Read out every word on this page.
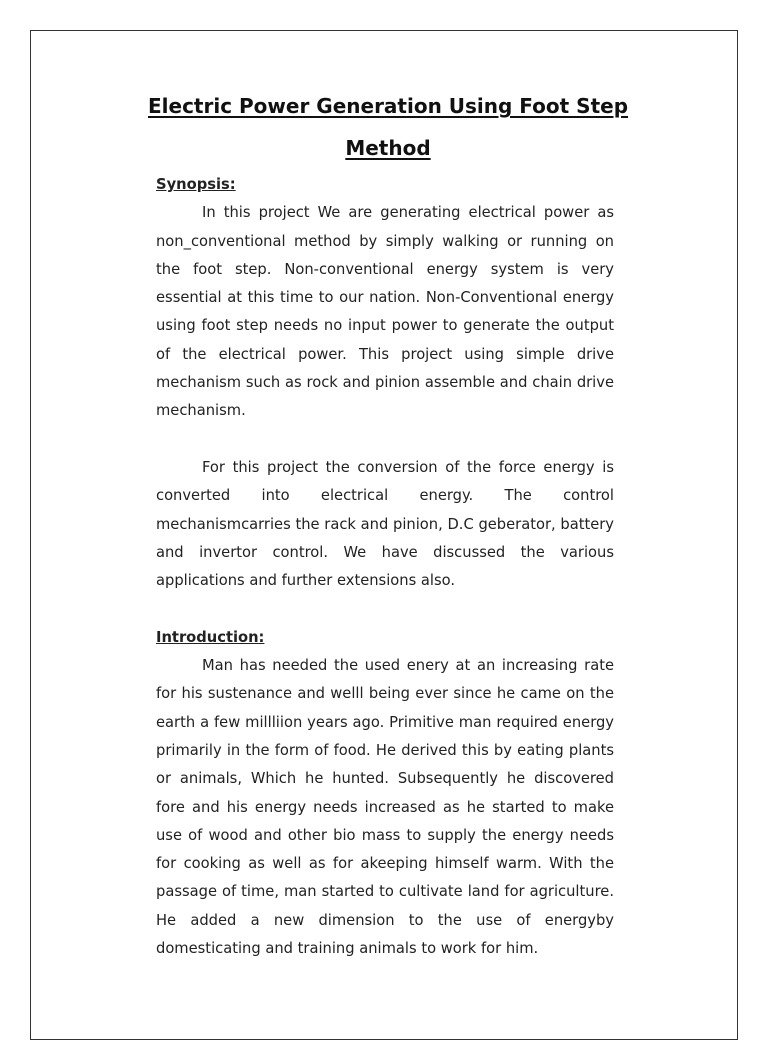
Electric Power Generation Using Foot Step
Method
Synopsis:

In this project We are generating electrical power as non_conventional method by simply walking or running on the foot step. Non-conventional energy system is very essential at this time to our nation. Non-Conventional energy using foot step needs no input power to generate the output of the electrical power. This project using simple drive mechanism such as rock and pinion assemble and chain drive mechanism.

For this project the conversion of the force energy is converted into electrical energy. The control mechanismcarries the rack and pinion, D.C geberator, battery and invertor control. We have discussed the various applications and further extensions also.

Introduction:

Man has needed the used enery at an increasing rate for his sustenance and welll being ever since he came on the earth a few millliion years ago. Primitive man required energy primarily in the form of food. He derived this by eating plants or animals, Which he hunted. Subsequently he discovered fore and his energy needs increased as he started to make use of wood and other bio mass to supply the energy needs for cooking as well as for akeeping himself warm. With the passage of time, man started to cultivate land for agriculture. He added a new dimension to the use of energyby domesticating and training animals to work for him.
